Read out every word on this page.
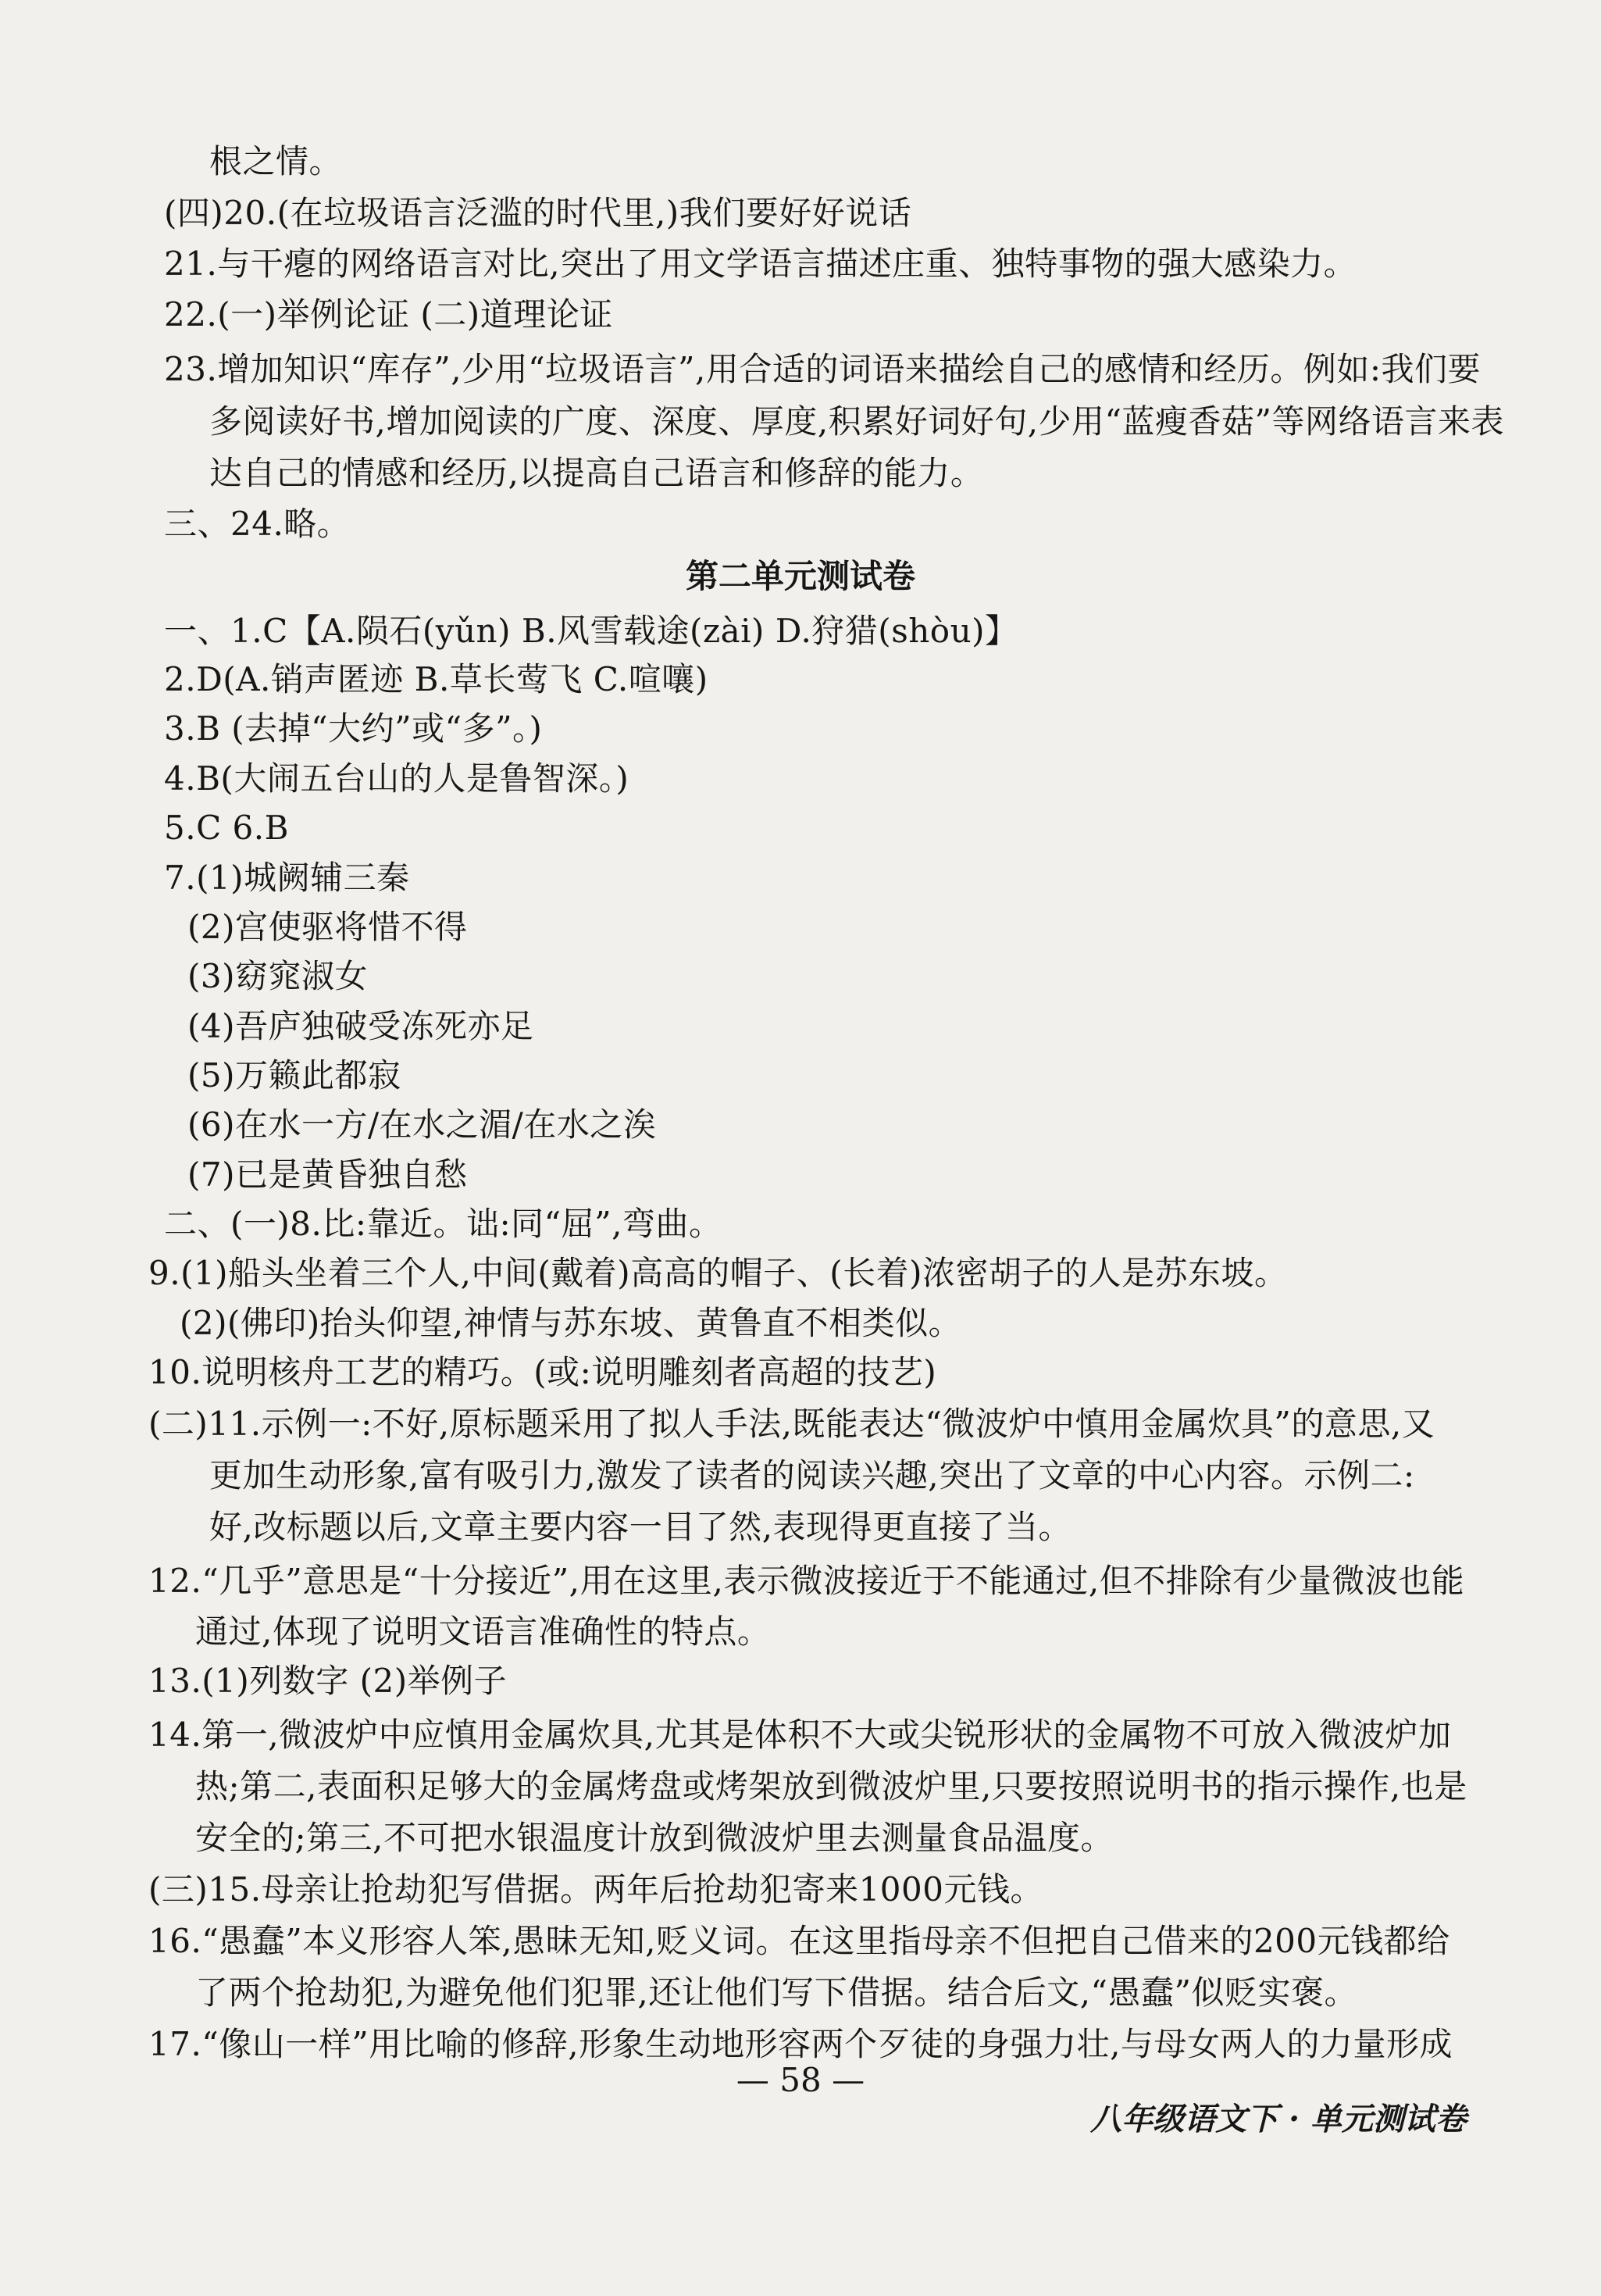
根之情。
(四)20.(在垃圾语言泛滥的时代里,)我们要好好说话
21.与干瘪的网络语言对比,突出了用文学语言描述庄重、独特事物的强大感染力。
22.(一)举例论证 (二)道理论证
23.增加知识“库存”,少用“垃圾语言”,用合适的词语来描绘自己的感情和经历。例如:我们要
多阅读好书,增加阅读的广度、深度、厚度,积累好词好句,少用“蓝瘦香菇”等网络语言来表
达自己的情感和经历,以提高自己语言和修辞的能力。
三、24.略。
第二单元测试卷
一、1.C【A.陨石(yǔn) B.风雪载途(zài) D.狩猎(shòu)】
2.D(A.销声匿迹 B.草长莺飞 C.喧嚷)
3.B (去掉“大约”或“多”。)
4.B(大闹五台山的人是鲁智深。)
5.C 6.B
7.(1)城阙辅三秦
(2)宫使驱将惜不得
(3)窈窕淑女
(4)吾庐独破受冻死亦足
(5)万籁此都寂
(6)在水一方/在水之湄/在水之涘
(7)已是黄昏独自愁
二、(一)8.比:靠近。诎:同“屈”,弯曲。
9.(1)船头坐着三个人,中间(戴着)高高的帽子、(长着)浓密胡子的人是苏东坡。
(2)(佛印)抬头仰望,神情与苏东坡、黄鲁直不相类似。
10.说明核舟工艺的精巧。(或:说明雕刻者高超的技艺)
(二)11.示例一:不好,原标题采用了拟人手法,既能表达“微波炉中慎用金属炊具”的意思,又
更加生动形象,富有吸引力,激发了读者的阅读兴趣,突出了文章的中心内容。示例二:
好,改标题以后,文章主要内容一目了然,表现得更直接了当。
12.“几乎”意思是“十分接近”,用在这里,表示微波接近于不能通过,但不排除有少量微波也能
通过,体现了说明文语言准确性的特点。
13.(1)列数字 (2)举例子
14.第一,微波炉中应慎用金属炊具,尤其是体积不大或尖锐形状的金属物不可放入微波炉加
热;第二,表面积足够大的金属烤盘或烤架放到微波炉里,只要按照说明书的指示操作,也是
安全的;第三,不可把水银温度计放到微波炉里去测量食品温度。
(三)15.母亲让抢劫犯写借据。两年后抢劫犯寄来1000元钱。
16.“愚蠢”本义形容人笨,愚昧无知,贬义词。在这里指母亲不但把自己借来的200元钱都给
了两个抢劫犯,为避免他们犯罪,还让他们写下借据。结合后文,“愚蠢”似贬实褒。
17.“像山一样”用比喻的修辞,形象生动地形容两个歹徒的身强力壮,与母女两人的力量形成
— 58 —
八年级语文下 · 单元测试卷
